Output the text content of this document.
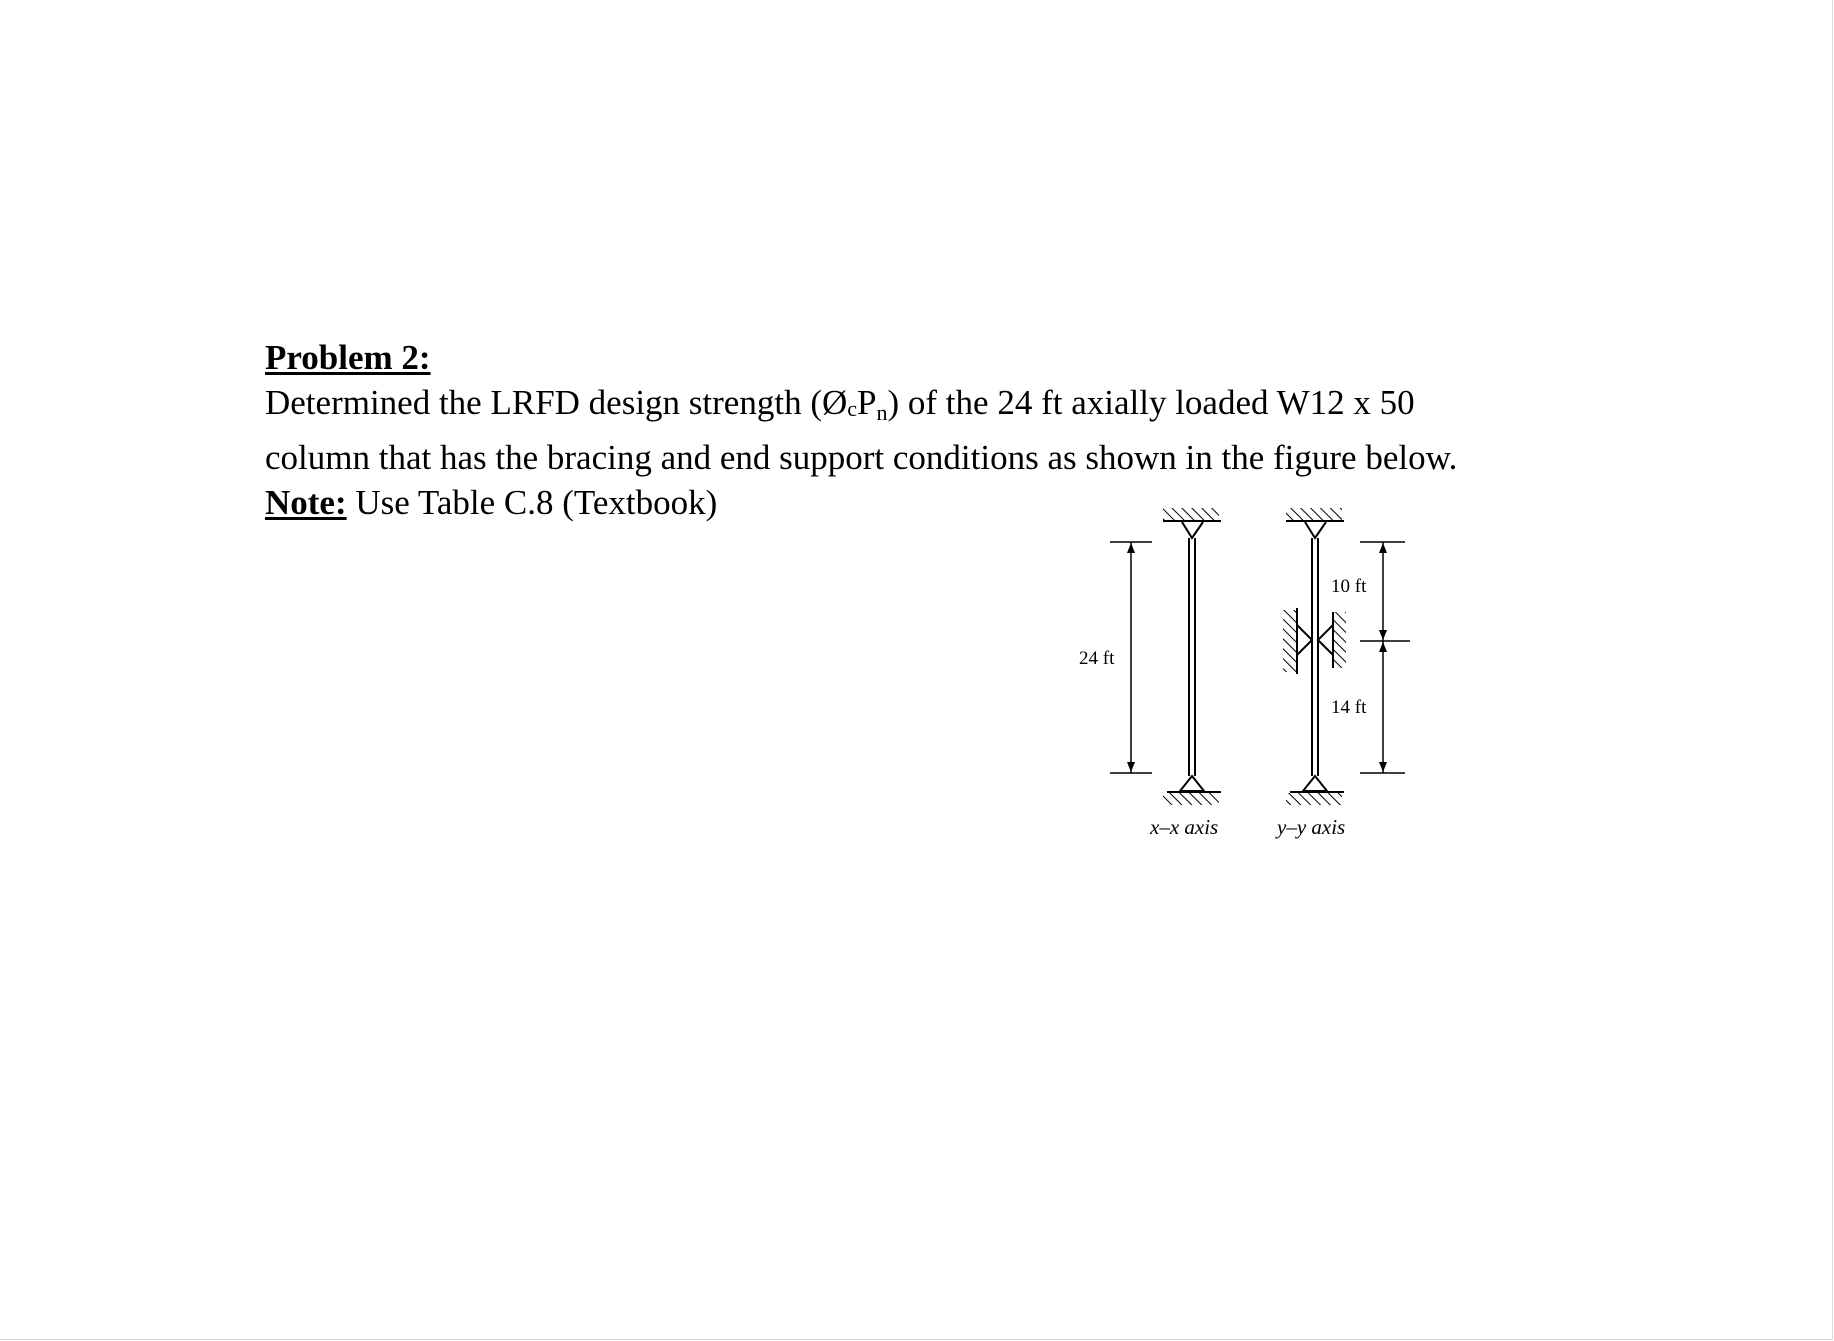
Problem 2:
Determined the LRFD design strength (ØcP$_n$) of the 24 ft axially loaded W12 x 50
column that has the bracing and end support conditions as shown in the figure below.
Note: Use Table C.8 (Textbook)
24 ft
x–x axis
10 ft
14 ft
y–y axis
